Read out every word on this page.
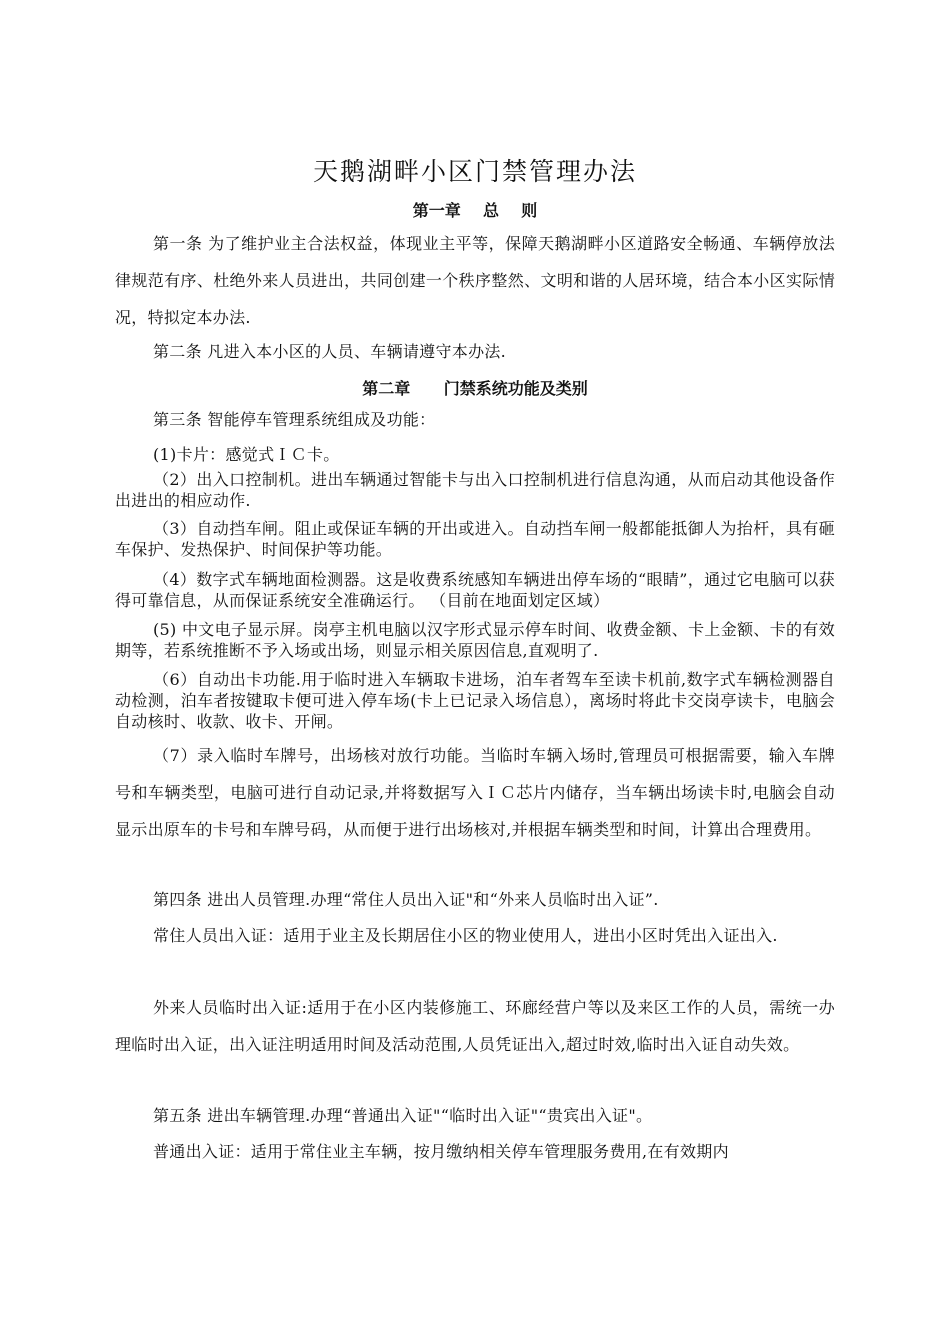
天鹅湖畔小区门禁管理办法
第一章    总    则

第一条 为了维护业主合法权益，体现业主平等，保障天鹅湖畔小区道路安全畅通、车辆停放法律规范有序、杜绝外来人员进出，共同创建一个秩序整然、文明和谐的人居环境，结合本小区实际情况，特拟定本办法.

第二条 凡进入本小区的人员、车辆请遵守本办法.

第二章      门禁系统功能及类别

第三条 智能停车管理系统组成及功能：

(1)卡片：感觉式ＩＣ卡。

（2）出入口控制机。进出车辆通过智能卡与出入口控制机进行信息沟通，从而启动其他设备作出进出的相应动作.

（3）自动挡车闸。阻止或保证车辆的开出或进入。自动挡车闸一般都能抵御人为抬杆，具有砸车保护、发热保护、时间保护等功能。

（4）数字式车辆地面检测器。这是收费系统感知车辆进出停车场的“眼睛”，通过它电脑可以获得可靠信息，从而保证系统安全准确运行。 （目前在地面划定区域）

(5) 中文电子显示屏。岗亭主机电脑以汉字形式显示停车时间、收费金额、卡上金额、卡的有效期等，若系统推断不予入场或出场，则显示相关原因信息,直观明了.

（6）自动出卡功能.用于临时进入车辆取卡进场，泊车者驾车至读卡机前,数字式车辆检测器自动检测，泊车者按键取卡便可进入停车场(卡上已记录入场信息），离场时将此卡交岗亭读卡，电脑会自动核时、收款、收卡、开闸。

（7）录入临时车牌号，出场核对放行功能。当临时车辆入场时,管理员可根据需要，输入车牌号和车辆类型，电脑可进行自动记录,并将数据写入ＩＣ芯片内储存，当车辆出场读卡时,电脑会自动显示出原车的卡号和车牌号码，从而便于进行出场核对,并根据车辆类型和时间，计算出合理费用。

第四条 进出人员管理.办理“常住人员出入证"和“外来人员临时出入证”.

常住人员出入证：适用于业主及长期居住小区的物业使用人，进出小区时凭出入证出入.

外来人员临时出入证:适用于在小区内装修施工、环廊经营户等以及来区工作的人员，需统一办理临时出入证，出入证注明适用时间及活动范围,人员凭证出入,超过时效,临时出入证自动失效。

第五条 进出车辆管理.办理“普通出入证"“临时出入证"“贵宾出入证"。

普通出入证：适用于常住业主车辆，按月缴纳相关停车管理服务费用,在有效期内
